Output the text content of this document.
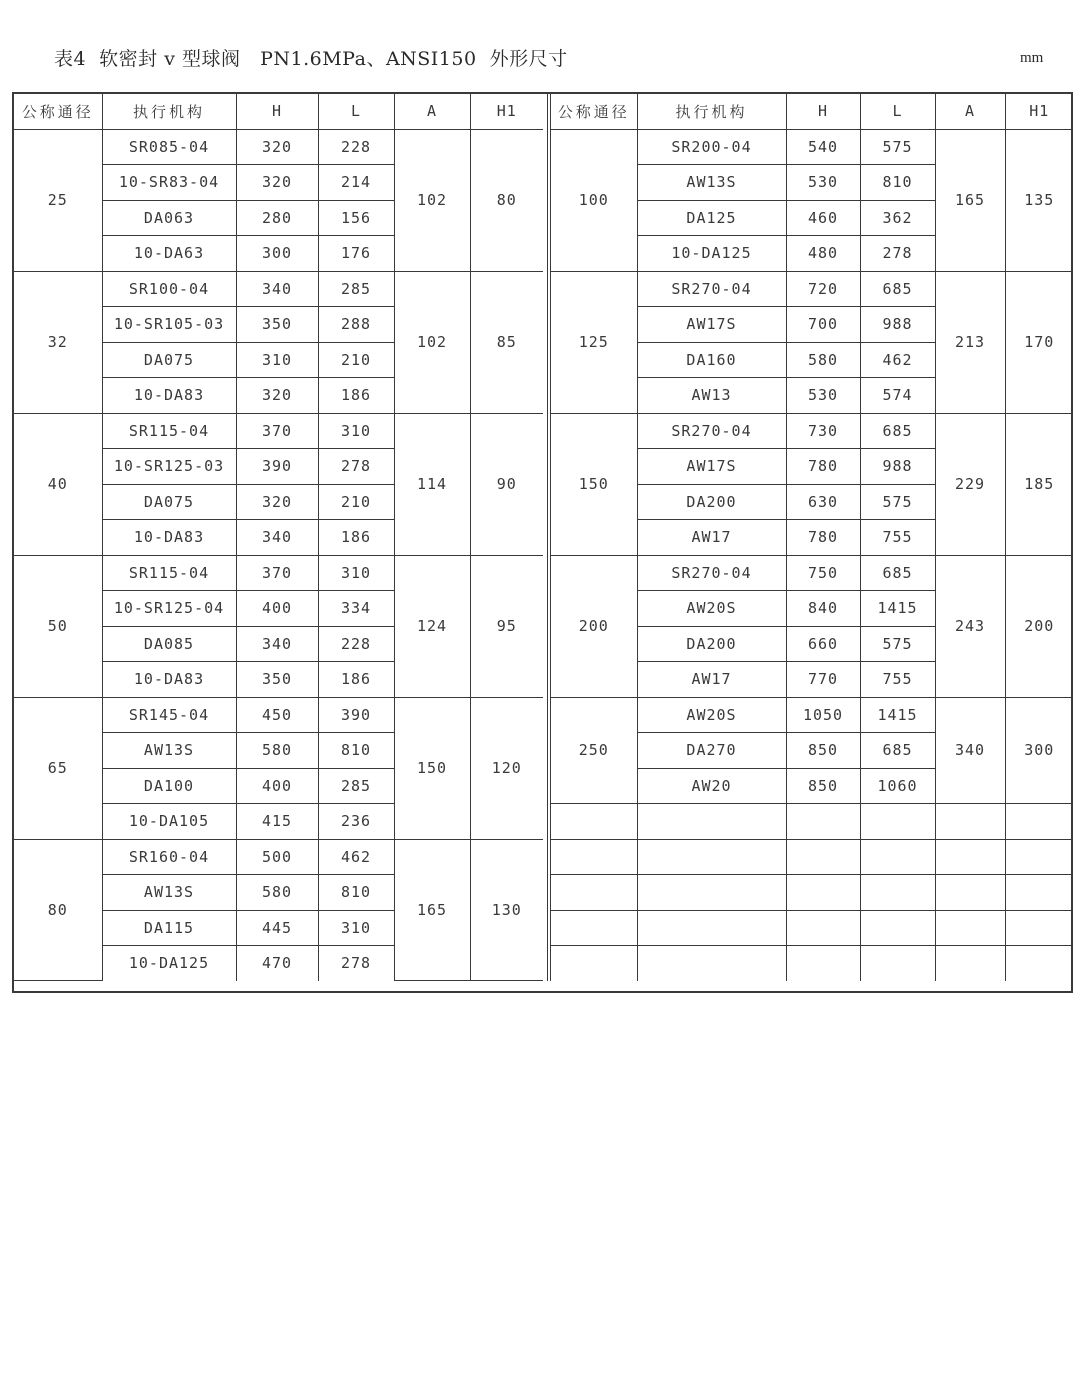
表4  软密封 v 型球阀   PN1.6MPa、ANSI150  外形尺寸	mm
公称通径	执行机构	H	L	A	H1
25	SR085-04	320	228	102	80
	10-SR83-04	320	214		
	DA063	280	156		
	10-DA63	300	176		
32	SR100-04	340	285	102	85
	10-SR105-03	350	288		
	DA075	310	210		
	10-DA83	320	186		
40	SR115-04	370	310	114	90
	10-SR125-03	390	278		
	DA075	320	210		
	10-DA83	340	186		
50	SR115-04	370	310	124	95
	10-SR125-04	400	334		
	DA085	340	228		
	10-DA83	350	186		
65	SR145-04	450	390	150	120
	AW13S	580	810		
	DA100	400	285		
	10-DA105	415	236		
80	SR160-04	500	462	165	130
	AW13S	580	810		
	DA115	445	310		
	10-DA125	470	278		
公称通径	执行机构	H	L	A	H1
100	SR200-04	540	575	165	135
	AW13S	530	810		
	DA125	460	362		
	10-DA125	480	278		
125	SR270-04	720	685	213	170
	AW17S	700	988		
	DA160	580	462		
	AW13	530	574		
150	SR270-04	730	685	229	185
	AW17S	780	988		
	DA200	630	575		
	AW17	780	755		
200	SR270-04	750	685	243	200
	AW20S	840	1415		
	DA200	660	575		
	AW17	770	755		
250	AW20S	1050	1415	340	300
	DA270	850	685		
	AW20	850	1060		
